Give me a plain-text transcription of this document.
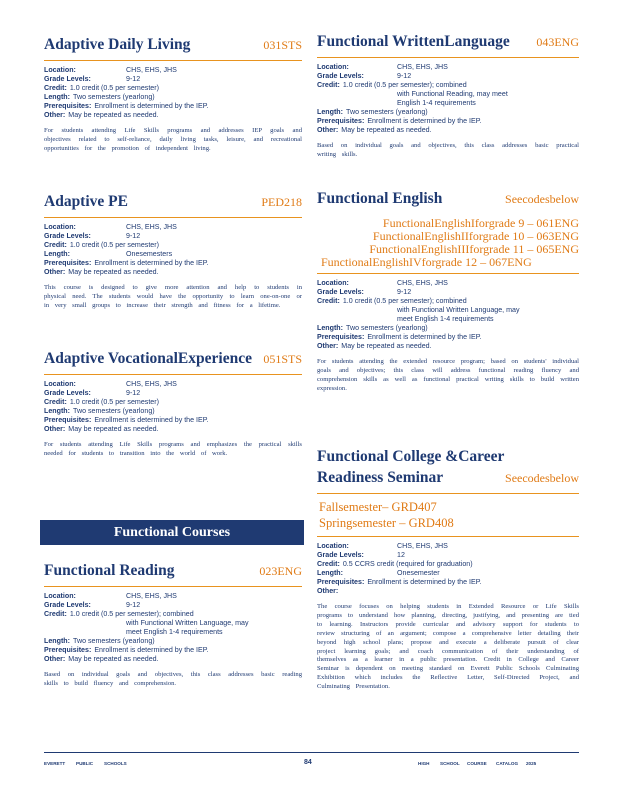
Adaptive Daily Living	031STS
Location:	CHS, EHS, JHS
Grade Levels:	9-12
Credit: 1.0 credit (0.5 per semester)
Length: Two semesters (yearlong)
Prerequisites: Enrollment is determined by the IEP.
Other: May be repeated as needed.
For students attending Life Skills programs and addresses IEP goals and objectives related to self-reliance, daily living tasks, leisure, and recreational opportunities for the promotion of independent living.
Adaptive PE	PED218
Location:	CHS, EHS, JHS
Grade Levels:	9-12
Credit: 1.0 credit (0.5 per semester)
Length:	Onesemesters
Prerequisites: Enrollment is determined by the IEP.
Other: May be repeated as needed.
This course is designed to give more attention and help to students in physical need. The students would have the opportunity to learn one-on-one or in very small groups to increase their strength and fitness for a lifetime.
Adaptive VocationalExperience 051STS
Location:	CHS, EHS, JHS
Grade Levels:	9-12
Credit: 1.0 credit (0.5 per semester)
Length: Two semesters (yearlong)
Prerequisites: Enrollment is determined by the IEP.
Other: May be repeated as needed.
For students attending Life Skills programs and emphasizes the practical skills needed for students to transition into the world of work.
Functional Reading	023ENG
Location:	CHS, EHS, JHS
Grade Levels:	9-12
Credit: 1.0 credit (0.5 per semester); combined
with Functional Written Language, may
meet English 1-4 requirements
Length: Two semesters (yearlong)
Prerequisites: Enrollment is determined by the IEP.
Other: May be repeated as needed.
Based on individual goals and objectives, this class addresses basic reading skills to build fluency and comprehension.
Functional Courses
Functional WrittenLanguage 043ENG
Location:	CHS, EHS, JHS
Grade Levels:	9-12
Credit: 1.0 credit (0.5 per semester); combined
with Functional Reading, may meet
English 1-4 requirements
Length: Two semesters (yearlong)
Prerequisites: Enrollment is determined by the IEP.
Other: May be repeated as needed.
Based on individual goals and objectives, this class addresses basic practical writing skills.
Functional English	Seecodesbelow
FunctionalEnglishIforgrade 9 – 061ENG
FunctionalEnglishIIforgrade 10 – 063ENG
FunctionalEnglishIIIforgrade 11 – 065ENG
FunctionalEnglishIVforgrade 12 – 067ENG
Location:	CHS, EHS, JHS
Grade Levels:	9-12
Credit: 1.0 credit (0.5 per semester); combined
with Functional Written Language, may
meet English 1-4 requirements
Length: Two semesters (yearlong)
Prerequisites: Enrollment is determined by the IEP.
Other: May be repeated as needed.
For students attending the extended resource program; based on students' individual goals and objectives; this class will address functional reading fluency and comprehension skills as well as functional practical writing skills to build written expression.
Functional College &Career
Readiness Seminar	Seecodesbelow
Fallsemester– GRD407
Springsemester – GRD408
Location:	CHS, EHS, JHS
Grade Levels:	12
Credit: 0.5 CCRS credit (required for graduation)
Length:	Onesemester
Prerequisites: Enrollment is determined by the IEP.
Other:
The course focuses on helping students in Extended Resource or Life Skills programs to understand how planning, directing, justifying, and presenting are tied to learning. Instructors provide curricular and advisory support for students to review structuring of an argument; compose a comprehensive letter detailing their beyond high school plans; propose and execute a deliberate pursuit of clear project learning goals; and coach communication of their understanding of themselves as a learner in a public presentation. Credit in College and Career Seminar is dependent on meeting standard on Everett Public Schools Culminating Exhibition which includes the Reflective Letter, Self-Directed Project, and Culminating Presentation.
EVERETT PUBLIC SCHOOLS	84	HIGH SCHOOL COURSE CATALOG 2025
